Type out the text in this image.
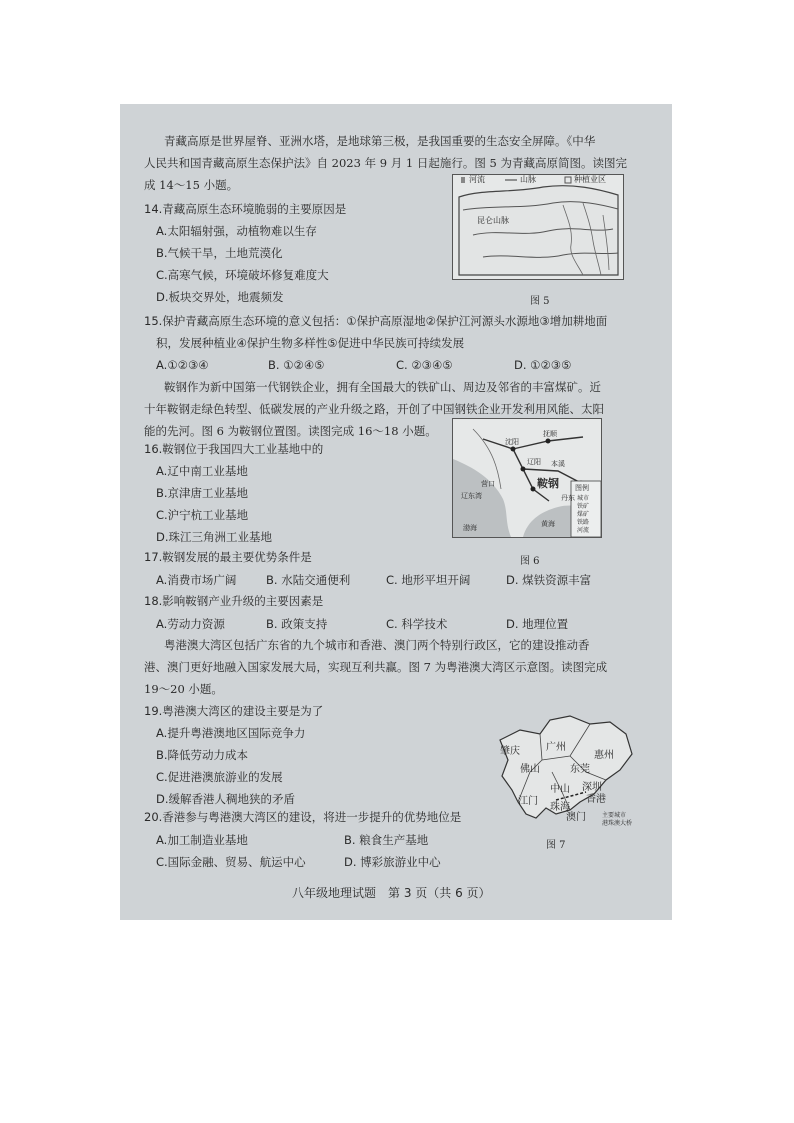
青藏高原是世界屋脊、亚洲水塔，是地球第三极，是我国重要的生态安全屏障。《中华
人民共和国青藏高原生态保护法》自 2023 年 9 月 1 日起施行。图 5 为青藏高原简图。读图完
成 14～15 小题。
14.青藏高原生态环境脆弱的主要原因是
A.太阳辐射强，动植物难以生存
B.气候干旱，土地荒漠化
C.高寒气候，环境破坏修复难度大
D.板块交界处，地震频发
河流	山脉	种植业区
昆仑山脉
图 5
15.保护青藏高原生态环境的意义包括：①保护高原湿地②保护江河源头水源地③增加耕地面
积，发展种植业④保护生物多样性⑤促进中华民族可持续发展
A.①②③④	B. ①②④⑤	C. ②③④⑤	D. ①②③⑤
鞍钢作为新中国第一代钢铁企业，拥有全国最大的铁矿山、周边及邻省的丰富煤矿。近
十年鞍钢走绿色转型、低碳发展的产业升级之路，开创了中国钢铁企业开发利用风能、太阳
能的先河。图 6 为鞍钢位置图。读图完成 16～18 小题。
沈阳
抚顺
本溪
辽阳
营口	鞍钢
辽东湾
渤海	黄海
丹东
图例
城市
铁矿
煤矿
铁路
河流
图 6
16.鞍钢位于我国四大工业基地中的
A.辽中南工业基地
B.京津唐工业基地
C.沪宁杭工业基地
D.珠江三角洲工业基地
17.鞍钢发展的最主要优势条件是
A.消费市场广阔	B. 水陆交通便利	C. 地形平坦开阔	D. 煤铁资源丰富
18.影响鞍钢产业升级的主要因素是
A.劳动力资源	B. 政策支持	C. 科学技术	D. 地理位置
粤港澳大湾区包括广东省的九个城市和香港、澳门两个特别行政区，它的建设推动香
港、澳门更好地融入国家发展大局，实现互利共赢。图 7 为粤港澳大湾区示意图。读图完成
19～20 小题。
19.粤港澳大湾区的建设主要是为了
A.提升粤港澳地区国际竞争力
B.降低劳动力成本
C.促进港澳旅游业的发展
D.缓解香港人稠地狭的矛盾
肇庆	广州
惠州
佛山	东莞
中山 深圳
江门
珠海
香港
澳门	主要城市
港珠澳大桥
图 7
20.香港参与粤港澳大湾区的建设，将进一步提升的优势地位是
A.加工制造业基地	B. 粮食生产基地
C.国际金融、贸易、航运中心	D. 博彩旅游业中心
八年级地理试题　第 3 页（共 6 页）
